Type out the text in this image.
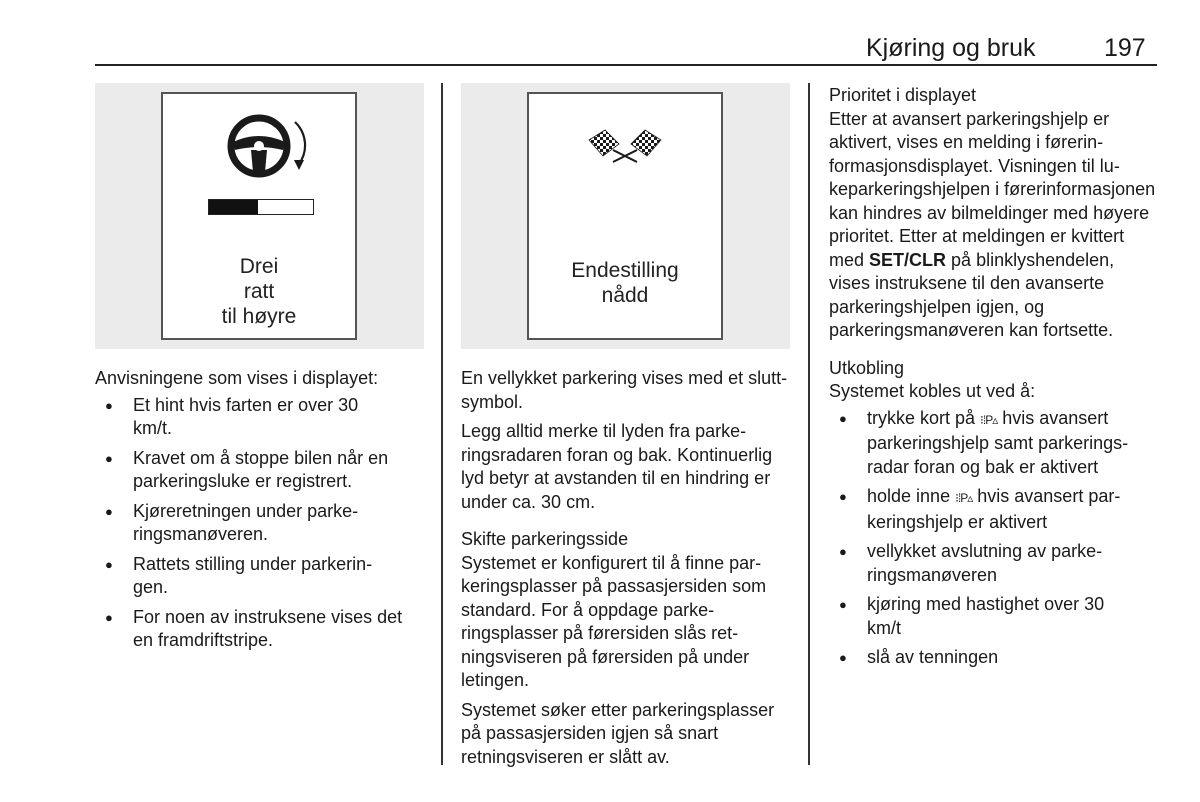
Kjøring og bruk	197
Drei
ratt
til høyre
Endestilling
nådd

Anvisningene som vises i displayet:

● Et hint hvis farten er over 30 km/t.
● Kravet om å stoppe bilen når en parkeringsluke er registrert.
● Kjøreretningen under parkeringsmanøveren.
● Rattets stilling under parkeringen.
● For noen av instruksene vises det en framdriftstripe.

En vellykket parkering vises med et slutt-symbol.

Legg alltid merke til lyden fra parkeringsradaren foran og bak. Kontinuerlig lyd betyr at avstanden til en hindring er under ca. 30 cm.

Skifte parkeringsside

Systemet er konfigurert til å finne parkeringsplasser på passasjersiden som standard. For å oppdage parkeringsplasser på førersiden slås retningsviseren på førersiden på under letingen.

Systemet søker etter parkeringsplasser på passasjersiden igjen så snart retningsviseren er slått av.

Prioritet i displayet

Etter at avansert parkeringshjelp er aktivert, vises en melding i førerinformasjonsdisplayet. Visningen til lukeparkeringshjelpen i førerinformasjonen kan hindres av bilmeldinger med høyere prioritet. Etter at meldingen er kvittert med SET/CLR på blinklyshendelen, vises instruksene til den avanserte parkeringshjelpen igjen, og parkeringsmanøveren kan fortsette.

Utkobling

Systemet kobles ut ved å:

● trykke kort på ⁝⁞P▵ hvis avansert parkeringshjelp samt parkeringsradar foran og bak er aktivert
● holde inne ⁝⁞P▵ hvis avansert parkeringshjelp er aktivert
● vellykket avslutning av parkeringsmanøveren
● kjøring med hastighet over 30 km/t
● slå av tenningen
